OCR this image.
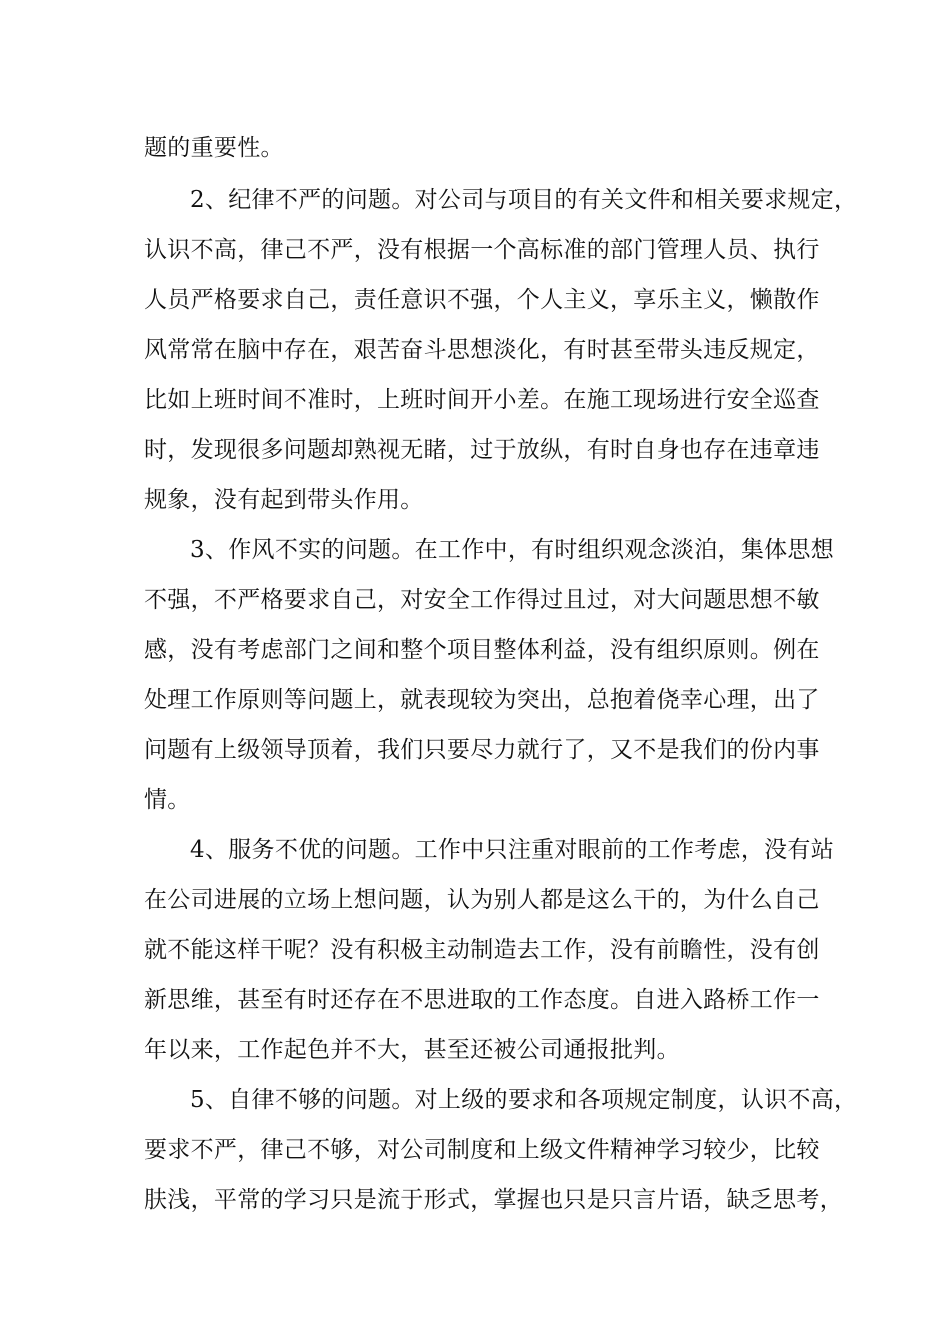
题的重要性。
2、纪律不严的问题。对公司与项目的有关文件和相关要求规定，
认识不高，律己不严，没有根据一个高标准的部门管理人员、执行
人员严格要求自己，责任意识不强，个人主义，享乐主义，懒散作
风常常在脑中存在，艰苦奋斗思想淡化，有时甚至带头违反规定，
比如上班时间不准时，上班时间开小差。在施工现场进行安全巡查
时，发现很多问题却熟视无睹，过于放纵，有时自身也存在违章违
规象，没有起到带头作用。
3、作风不实的问题。在工作中，有时组织观念淡泊，集体思想
不强，不严格要求自己，对安全工作得过且过，对大问题思想不敏
感，没有考虑部门之间和整个项目整体利益，没有组织原则。例在
处理工作原则等问题上，就表现较为突出，总抱着侥幸心理，出了
问题有上级领导顶着，我们只要尽力就行了，又不是我们的份内事
情。
4、服务不优的问题。工作中只注重对眼前的工作考虑，没有站
在公司进展的立场上想问题，认为别人都是这么干的，为什么自己
就不能这样干呢？没有积极主动制造去工作，没有前瞻性，没有创
新思维，甚至有时还存在不思进取的工作态度。自进入路桥工作一
年以来，工作起色并不大，甚至还被公司通报批判。
5、自律不够的问题。对上级的要求和各项规定制度，认识不高，
要求不严，律己不够，对公司制度和上级文件精神学习较少，比较
肤浅，平常的学习只是流于形式，掌握也只是只言片语，缺乏思考，
